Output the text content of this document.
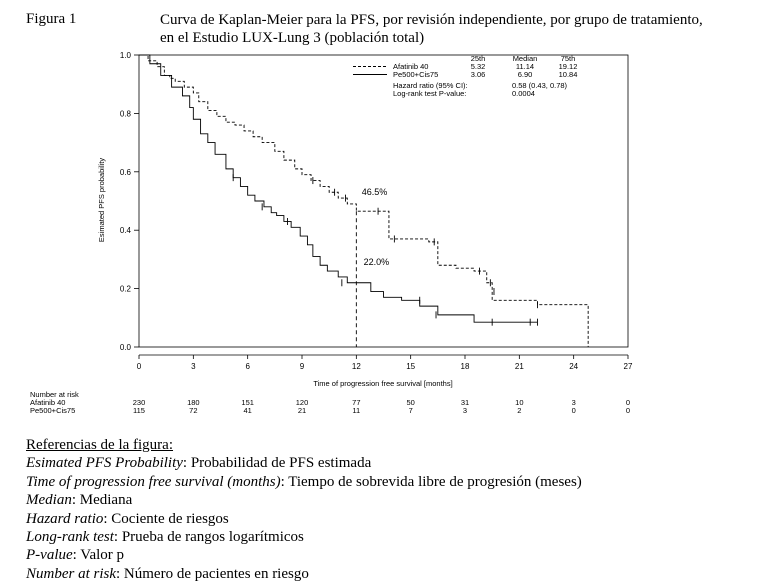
Figura 1	Curva de Kaplan-Meier para la PFS, por revisión independiente, por grupo de tratamiento,
en el Estudio LUX-Lung 3 (población total)
Time of progression free survival [months]
Esimated PFS probability
0.0
0.2
0.4
0.6
0.8
1.0
0	3	6	9	12	15	18	21	24	27
46.5%
22.0%
25th	Median	75th
Afatinib 40	5.32	11.14	19.12
Pe500+Cis75	3.06	6.90	10.84
Hazard ratio (95% CI):	0.58 (0.43, 0.78)
Log-rank test P-value:	0.0004
Number at risk
Afatinib 40	230	180	151	120	77	50	31	10	3	0
Pe500+Cis75	115	72	41	21	11	7	3	2	0	0
Referencias de la figura:
Esimated PFS Probability: Probabilidad de PFS estimada
Time of progression free survival (months): Tiempo de sobrevida libre de progresión (meses)
Median: Mediana
Hazard ratio: Cociente de riesgos
Long-rank test: Prueba de rangos logarítmicos
P-value: Valor p
Number at risk: Número de pacientes en riesgo
